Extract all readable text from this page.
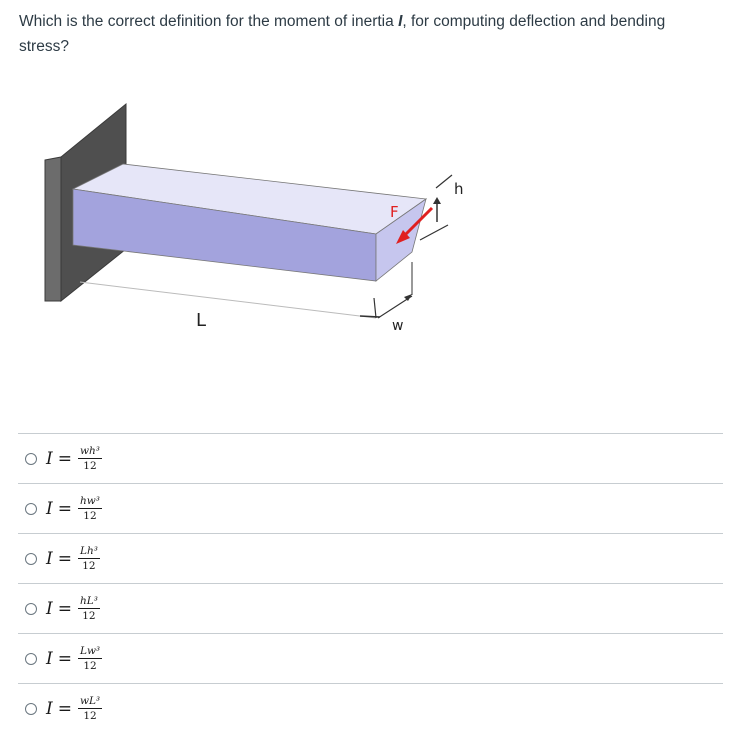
Which is the correct definition for the moment of inertia I, for computing deflection and bending stress?
L	w
h
F
$I = \frac{\text{wh³}}{12}$
$I = \frac{\text{hw³}}{12}$
$I = \frac{\text{Lh³}}{12}$
$I = \frac{\text{hL³}}{12}$
$I = \frac{\text{Lw³}}{12}$
$I = \frac{\text{wL³}}{12}$
